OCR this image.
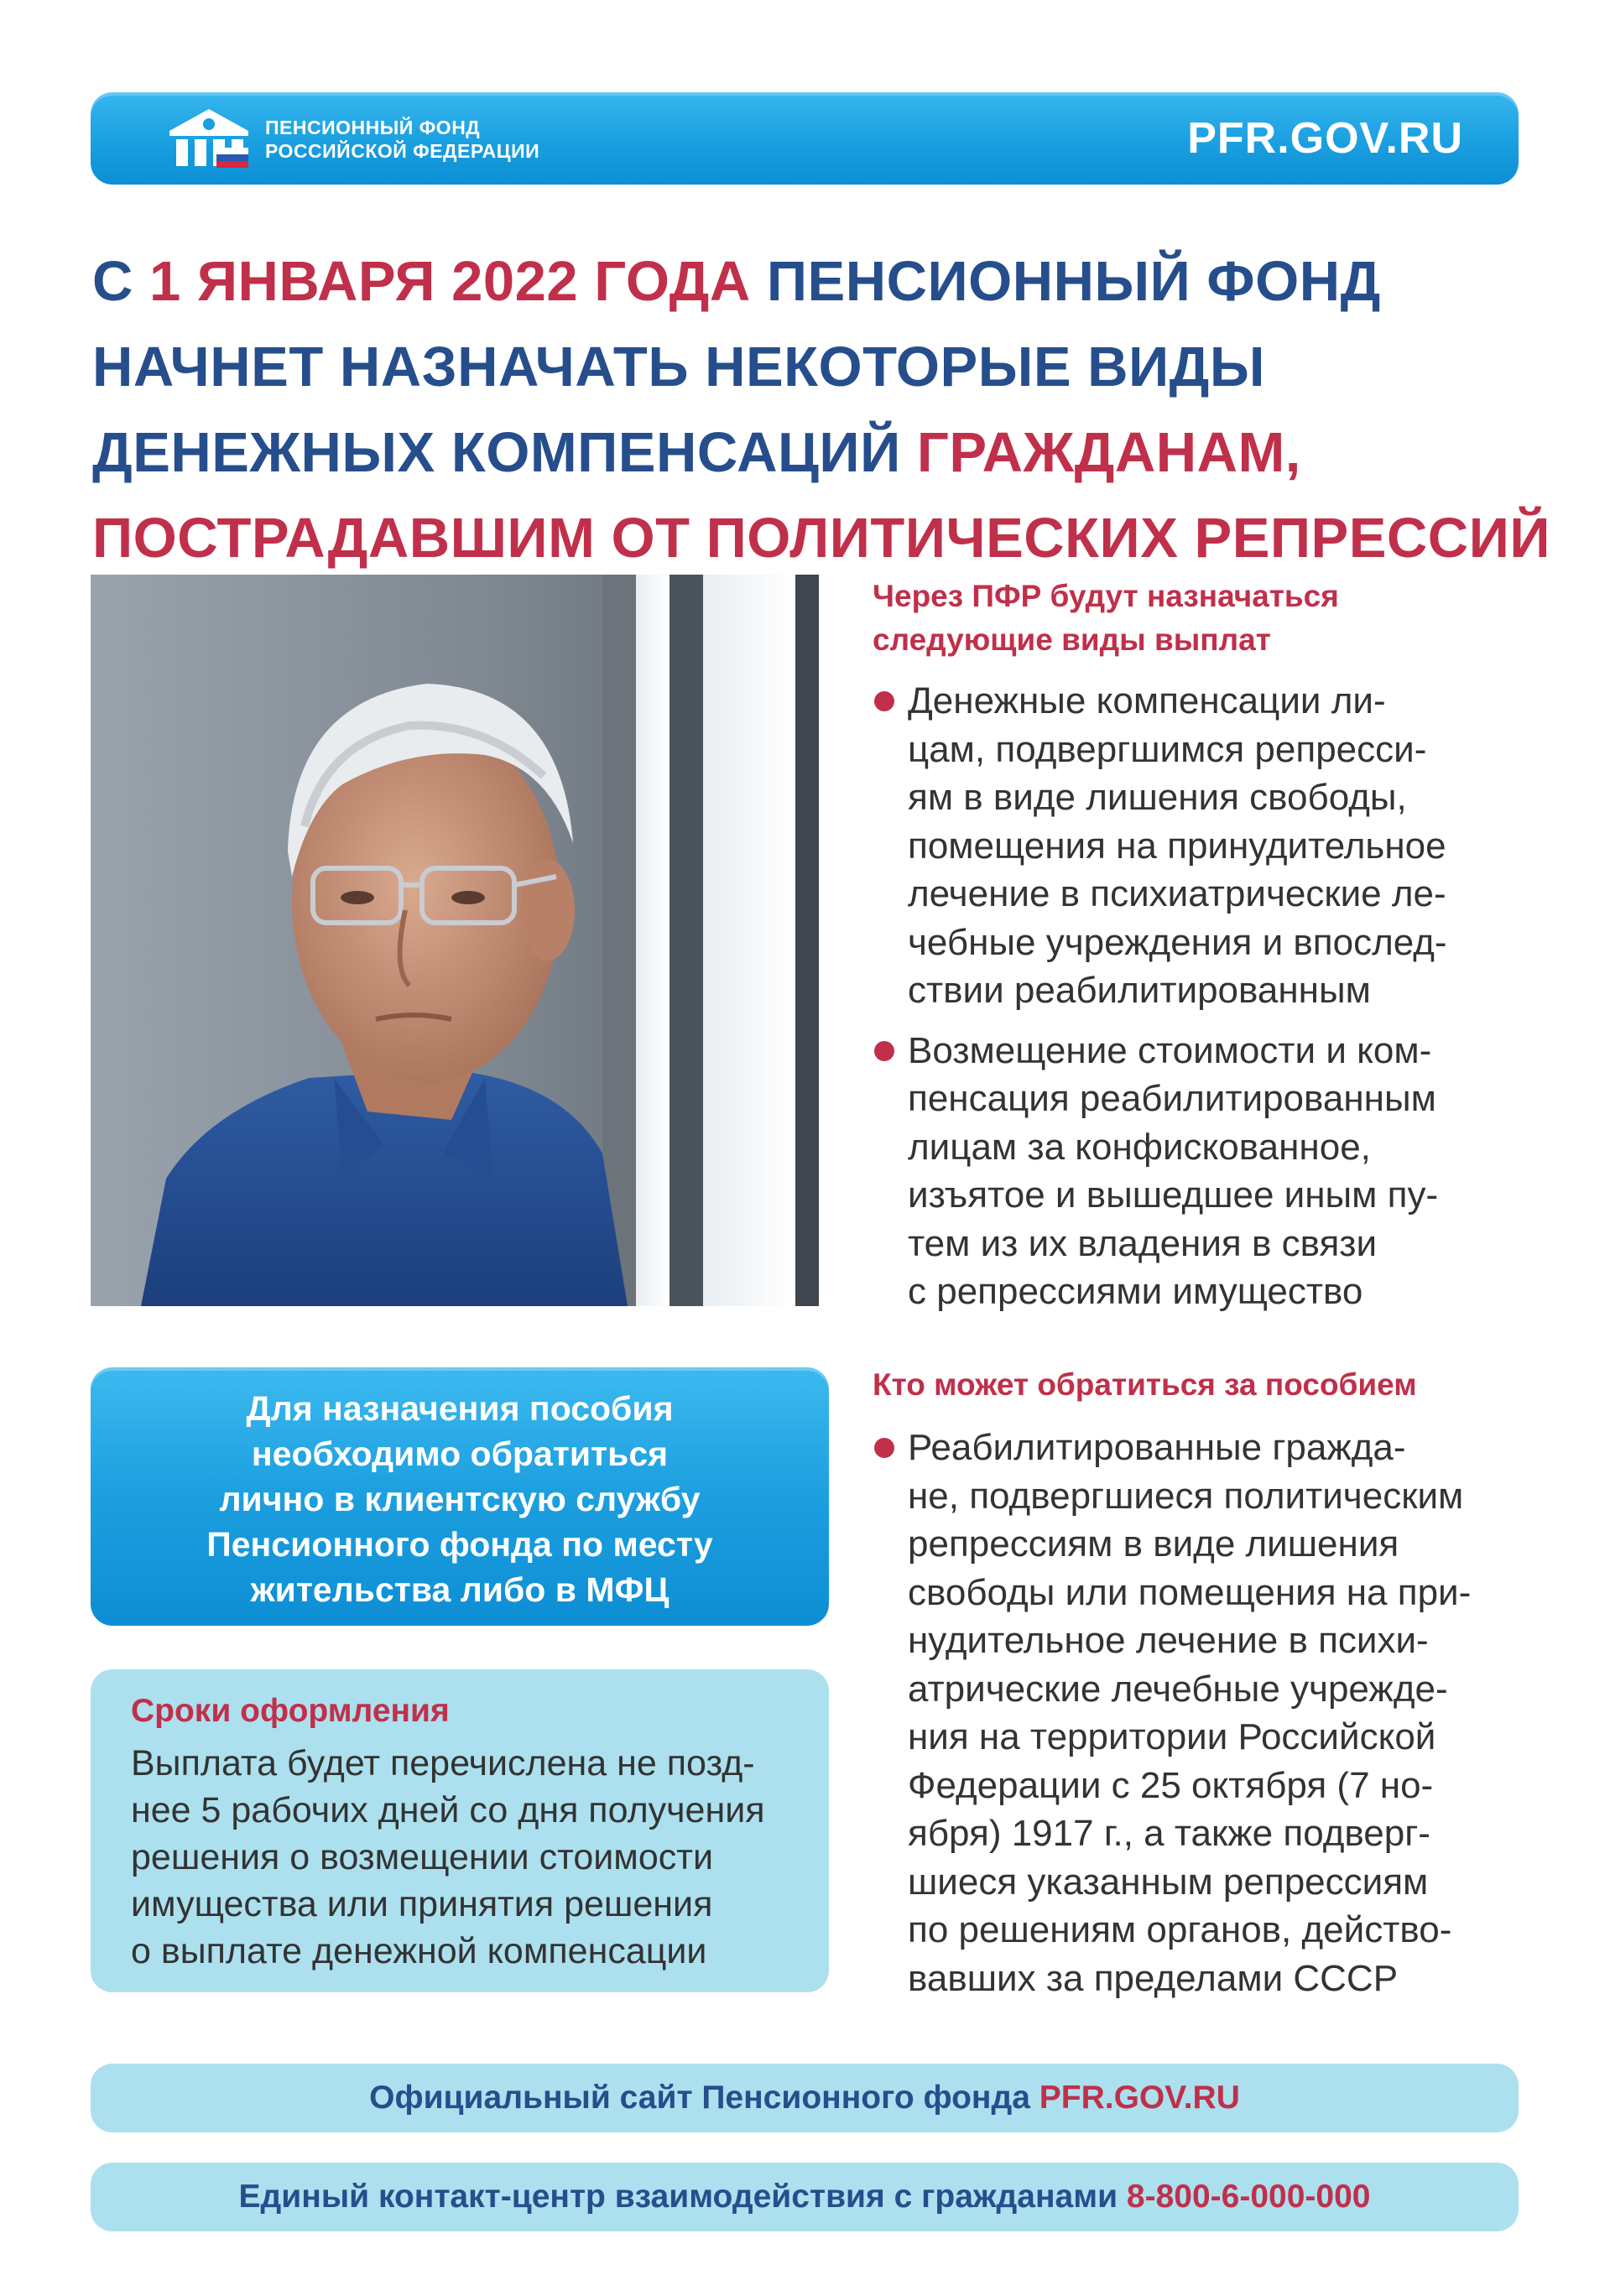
ПЕНСИОННЫЙ ФОНД
РОССИЙСКОЙ ФЕДЕРАЦИИ	PFR.GOV.RU
С 1 ЯНВАРЯ 2022 ГОДА ПЕНСИОННЫЙ ФОНД
НАЧНЕТ НАЗНАЧАТЬ НЕКОТОРЫЕ ВИДЫ
ДЕНЕЖНЫХ КОМПЕНСАЦИЙ ГРАЖДАНАМ,
ПОСТРАДАВШИМ ОТ ПОЛИТИЧЕСКИХ РЕПРЕССИЙ
Для назначения пособия
необходимо обратиться
лично в клиентскую службу
Пенсионного фонда по месту
жительства либо в МФЦ
Сроки оформления
Выплата будет перечислена не позд-
нее 5 рабочих дней со дня получения
решения о возмещении стоимости
имущества или принятия решения
о выплате денежной компенсации
Через ПФР будут назначаться
следующие виды выплат
Денежные компенсации ли-
цам, подвергшимся репресси-
ям в виде лишения свободы,
помещения на принудительное
лечение в психиатрические ле-
чебные учреждения и впослед-
ствии реабилитированным
Возмещение стоимости и ком-
пенсация реабилитированным
лицам за конфискованное,
изъятое и вышедшее иным пу-
тем из их владения в связи
с репрессиями имущество
Кто может обратиться за пособием
Реабилитированные гражда-
не, подвергшиеся политическим
репрессиям в виде лишения
свободы или помещения на при-
нудительное лечение в психи-
атрические лечебные учрежде-
ния на территории Российской
Федерации с 25 октября (7 но-
ября) 1917 г., а также подверг-
шиеся указанным репрессиям
по решениям органов, действо-
вавших за пределами СССР
Официальный сайт Пенсионного фонда PFR.GOV.RU
Единый контакт-центр взаимодействия с гражданами 8-800-6-000-000
